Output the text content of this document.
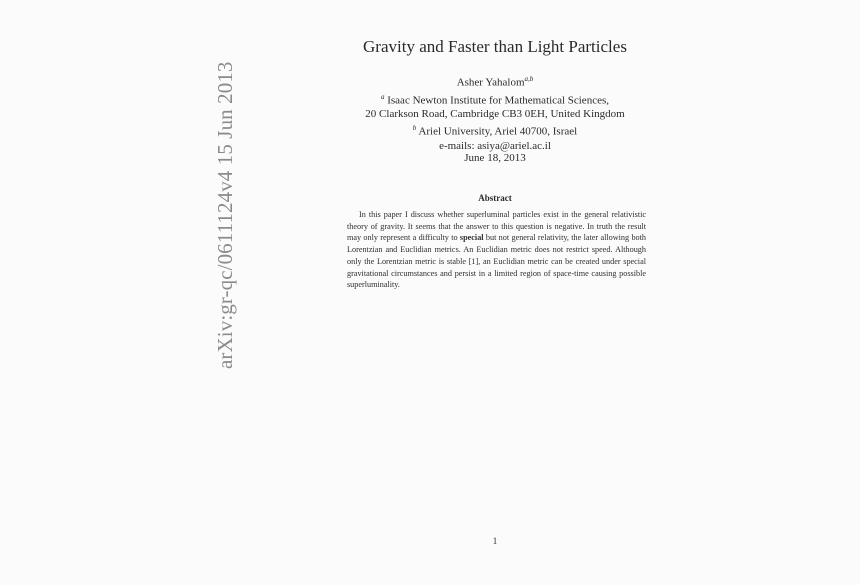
arXiv:gr-qc/0611124v4 15 Jun 2013
Gravity and Faster than Light Particles
Asher Yahalom$^{a,b}$
$^a$ Isaac Newton Institute for Mathematical Sciences,
20 Clarkson Road, Cambridge CB3 0EH, United Kingdom
$^b$ Ariel University, Ariel 40700, Israel
e-mails: asiya@ariel.ac.il
June 18, 2013
Abstract
In this paper I discuss whether superluminal particles exist in the general relativistic theory of gravity. It seems that the answer to this question is negative. In truth the result may only represent a difficulty to special but not general relativity, the later allowing both Lorentzian and Euclidian metrics. An Euclidian metric does not restrict speed. Although only the Lorentzian metric is stable [1], an Euclidian metric can be created under special gravitational circumstances and persist in a limited region of space-time causing possible superluminality.
1
